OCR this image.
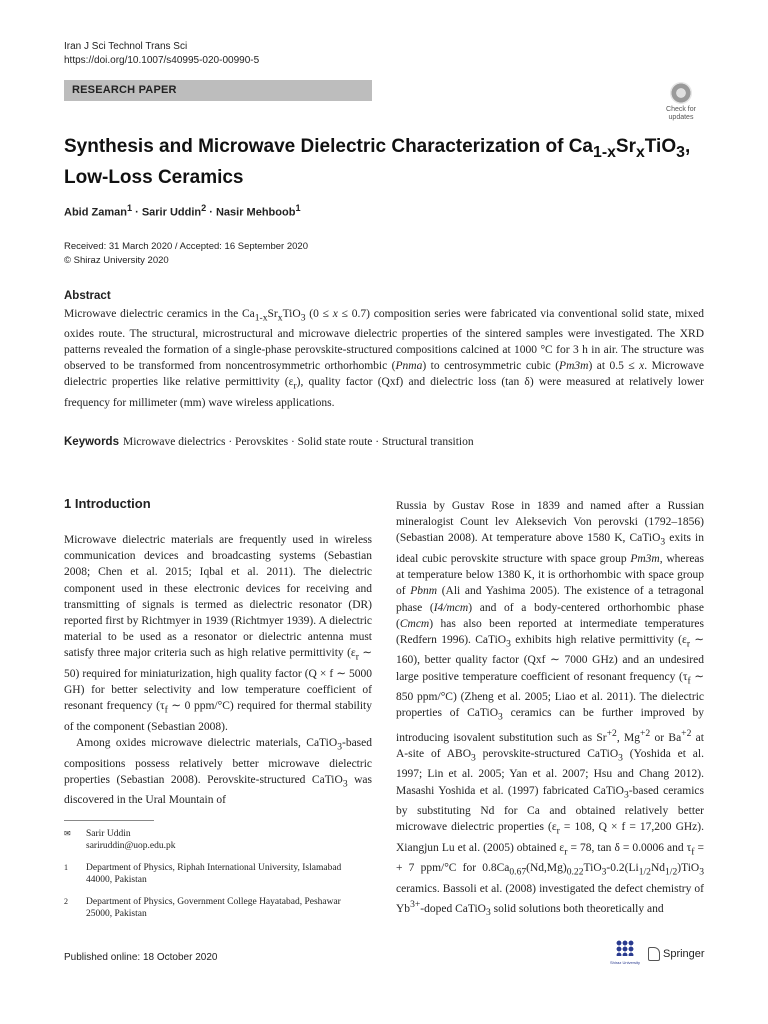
Iran J Sci Technol Trans Sci
https://doi.org/10.1007/s40995-020-00990-5
RESEARCH PAPER
Check for updates
Synthesis and Microwave Dielectric Characterization of $Ca_{1-x}Sr_xTiO_3$,
Low-Loss Ceramics
Abid Zaman$^1$ · Sarir Uddin$^2$ · Nasir Mehboob$^1$
Received: 31 March 2020 / Accepted: 16 September 2020
© Shiraz University 2020
Abstract
Microwave dielectric ceramics in the $Ca_{1-x}Sr_xTiO_3$ (0 ≤ x ≤ 0.7) composition series were fabricated via conventional solid state, mixed oxides route. The structural, microstructural and microwave dielectric properties of the sintered samples were investigated. The XRD patterns revealed the formation of a single-phase perovskite-structured compositions calcined at 1000 °C for 3 h in air. The structure was observed to be transformed from noncentrosymmetric orthorhombic (Pnma) to centrosymmetric cubic (Pm3m) at 0.5 ≤ x. Microwave dielectric properties like relative permittivity $(\varepsilon_r)$, quality factor (Qxf) and dielectric loss (tan δ) were measured at relatively lower frequency for millimeter (mm) wave wireless applications.
Keywords Microwave dielectrics · Perovskites · Solid state route · Structural transition
1 Introduction

Microwave dielectric materials are frequently used in wireless communication devices and broadcasting systems (Sebastian 2008; Chen et al. 2015; Iqbal et al. 2011). The dielectric component used in these electronic devices for receiving and transmitting of signals is termed as dielectric resonator (DR) reported first by Richtmyer in 1939 (Richtmyer 1939). A dielectric material to be used as a resonator or dielectric antenna must satisfy three major criteria such as high relative permittivity ($\varepsilon_r$ ∼ 50) required for miniaturization, high quality factor (Q × f ∼ 5000 GH) for better selectivity and low temperature coefficient of resonant frequency ($\tau_f$ ∼ 0 ppm/°C) required for thermal stability of the component (Sebastian 2008).

Among oxides microwave dielectric materials, CaTiO$_3$-based compositions possess relatively better microwave dielectric properties (Sebastian 2008). Perovskite-structured CaTiO$_3$ was discovered in the Ural Mountain of

Russia by Gustav Rose in 1839 and named after a Russian mineralogist Count lev Aleksevich Von perovski (1792–1856) (Sebastian 2008). At temperature above 1580 K, CaTiO$_3$ exits in ideal cubic perovskite structure with space group Pm3m, whereas at temperature below 1380 K, it is orthorhombic with space group of Pbnm (Ali and Yashima 2005). The existence of a tetragonal phase (I4/mcm) and of a body-centered orthorhombic phase (Cmcm) has also been reported at intermediate temperatures (Redfern 1996). CaTiO$_3$ exhibits high relative permittivity ($\varepsilon_r$ ∼ 160), better quality factor (Qxf ∼ 7000 GHz) and an undesired large positive temperature coefficient of resonant frequency ($\tau_f$ ∼ 850 ppm/°C) (Zheng et al. 2005; Liao et al. 2011). The dielectric properties of CaTiO$_3$ ceramics can be further improved by introducing isovalent substitution such as $Sr^{+2}$, $Mg^{+2}$ or $Ba^{+2}$ at A-site of $ABO_3$ perovskite-structured CaTiO$_3$ (Yoshida et al. 1997; Lin et al. 2005; Yan et al. 2007; Hsu and Chang 2012). Masashi Yoshida et al. (1997) fabricated CaTiO$_3$-based ceramics by substituting Nd for Ca and obtained relatively better microwave dielectric properties ($\varepsilon_r = 108$, Q × f = 17,200 GHz). Xiangjun Lu et al. (2005) obtained $\varepsilon_r = 78$, tan δ = 0.0006 and $\tau_f$ = + 7 ppm/°C for $0.8Ca_{0.67}(Nd,Mg)_{0.22}TiO_3-0.2(Li_{1/2}Nd_{1/2})TiO_3$ ceramics. Bassoli et al. (2008) investigated the defect chemistry of $Yb^{3+}$-doped CaTiO$_3$ solid solutions both theoretically and

✉	Sarir Uddin
sariruddin@uop.edu.pk
1	Department of Physics, Riphah International University, Islamabad 44000, Pakistan
2	Department of Physics, Government College Hayatabad, Peshawar 25000, Pakistan
Published online: 18 October 2020	Shiraz University
Springer
